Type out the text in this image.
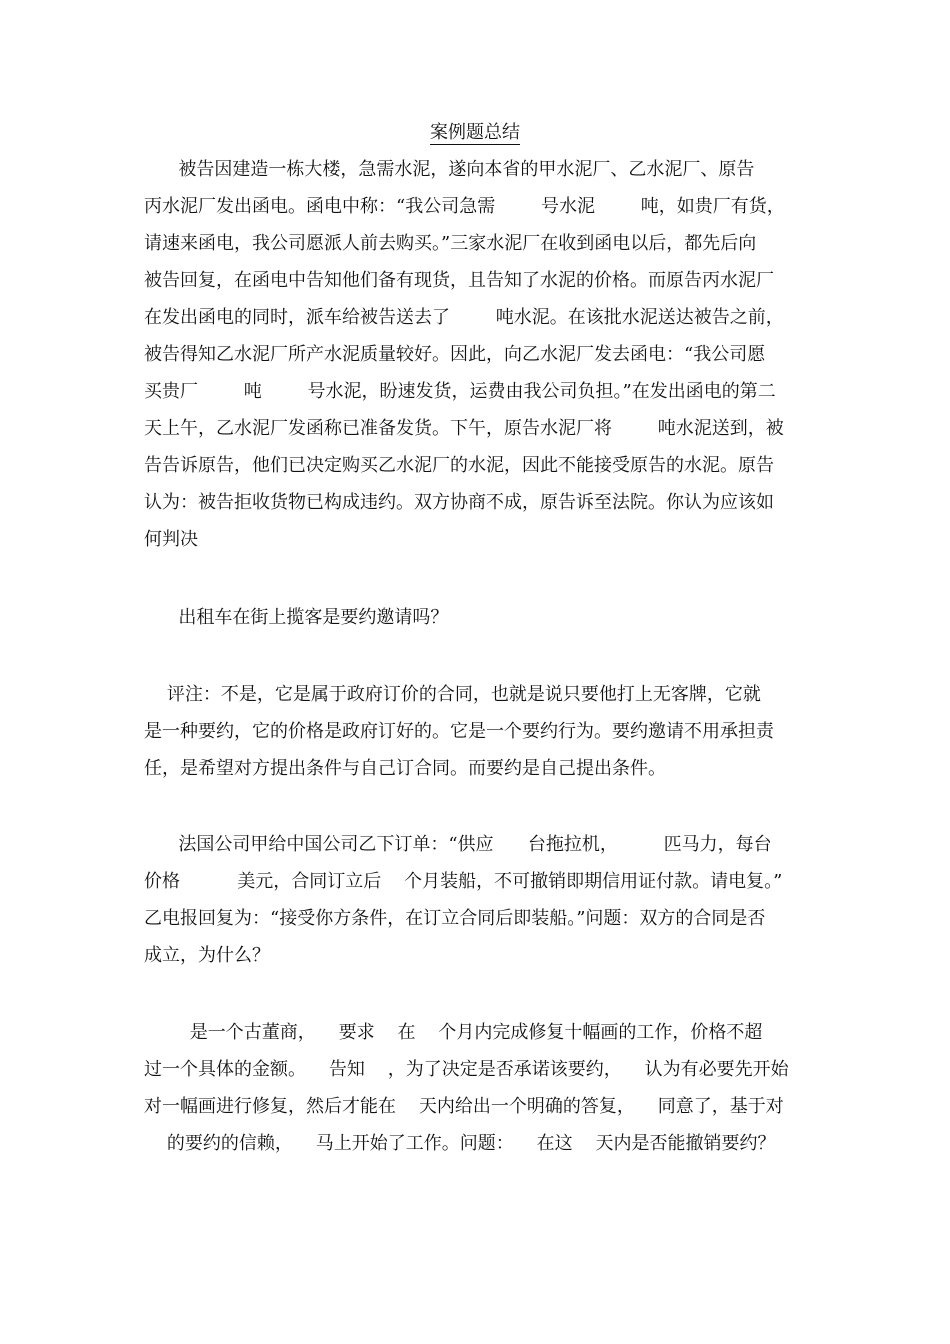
案例题总结
被告因建造一栋大楼，急需水泥，遂向本省的甲水泥厂、乙水泥厂、原告
丙水泥厂发出函电。函电中称：“我公司急需        号水泥        吨，如贵厂有货，
请速来函电，我公司愿派人前去购买。”三家水泥厂在收到函电以后，都先后向
被告回复，在函电中告知他们备有现货，且告知了水泥的价格。而原告丙水泥厂
在发出函电的同时，派车给被告送去了        吨水泥。在该批水泥送达被告之前，
被告得知乙水泥厂所产水泥质量较好。因此，向乙水泥厂发去函电：“我公司愿
买贵厂        吨        号水泥，盼速发货，运费由我公司负担。”在发出函电的第二
天上午，乙水泥厂发函称已准备发货。下午，原告水泥厂将        吨水泥送到，被
告告诉原告，他们已决定购买乙水泥厂的水泥，因此不能接受原告的水泥。原告
认为：被告拒收货物已构成违约。双方协商不成，原告诉至法院。你认为应该如
何判决
出租车在街上揽客是要约邀请吗？
评注：不是，它是属于政府订价的合同，也就是说只要他打上无客牌，它就
是一种要约，它的价格是政府订好的。它是一个要约行为。要约邀请不用承担责
任，是希望对方提出条件与自己订合同。而要约是自己提出条件。
法国公司甲给中国公司乙下订单：“供应      台拖拉机，        匹马力，每台
价格          美元，合同订立后    个月装船，不可撤销即期信用证付款。请电复。”
乙电报回复为：“接受你方条件，在订立合同后即装船。”问题：双方的合同是否
成立，为什么？
是一个古董商，    要求    在    个月内完成修复十幅画的工作，价格不超
过一个具体的金额。    告知    ，为了决定是否承诺该要约，    认为有必要先开始
对一幅画进行修复，然后才能在    天内给出一个明确的答复，    同意了，基于对
的要约的信赖，    马上开始了工作。问题：    在这    天内是否能撤销要约？
